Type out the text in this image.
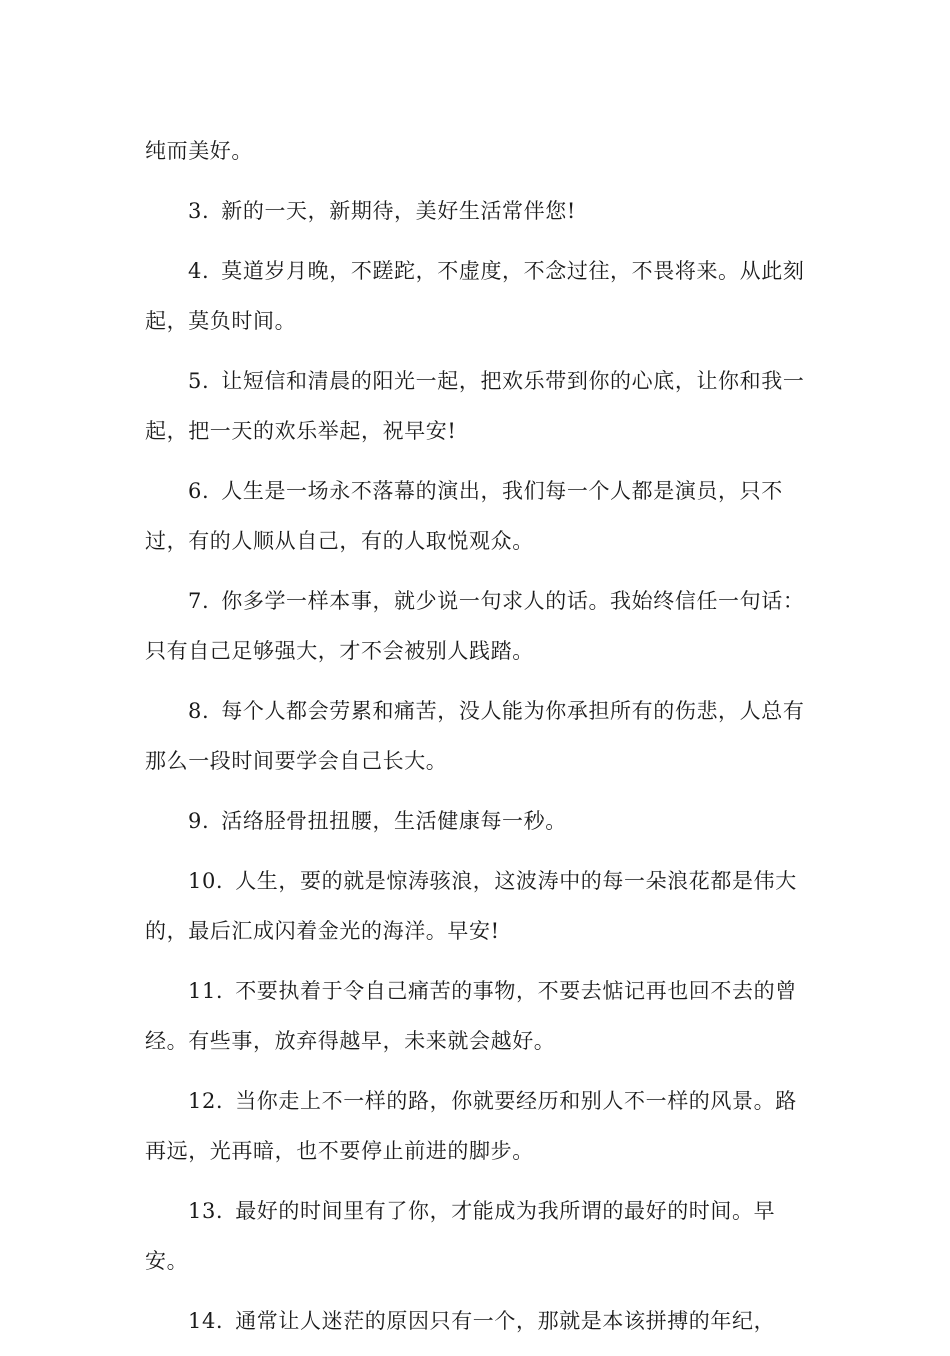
纯而美好。

3. 新的一天，新期待，美好生活常伴您!

4. 莫道岁月晚，不蹉跎，不虚度，不念过往，不畏将来。从此刻起，莫负时间。

5. 让短信和清晨的阳光一起，把欢乐带到你的心底，让你和我一起，把一天的欢乐举起，祝早安!

6. 人生是一场永不落幕的演出，我们每一个人都是演员，只不过，有的人顺从自己，有的人取悦观众。

7. 你多学一样本事，就少说一句求人的话。我始终信任一句话：只有自己足够强大，才不会被别人践踏。

8. 每个人都会劳累和痛苦，没人能为你承担所有的伤悲，人总有那么一段时间要学会自己长大。

9. 活络胫骨扭扭腰，生活健康每一秒。

10. 人生，要的就是惊涛骇浪，这波涛中的每一朵浪花都是伟大的，最后汇成闪着金光的海洋。早安!

11. 不要执着于令自己痛苦的事物，不要去惦记再也回不去的曾经。有些事，放弃得越早，未来就会越好。

12. 当你走上不一样的路，你就要经历和别人不一样的风景。路再远，光再暗，也不要停止前进的脚步。

13. 最好的时间里有了你，才能成为我所谓的最好的时间。早安。

14. 通常让人迷茫的原因只有一个，那就是本该拼搏的年纪，
